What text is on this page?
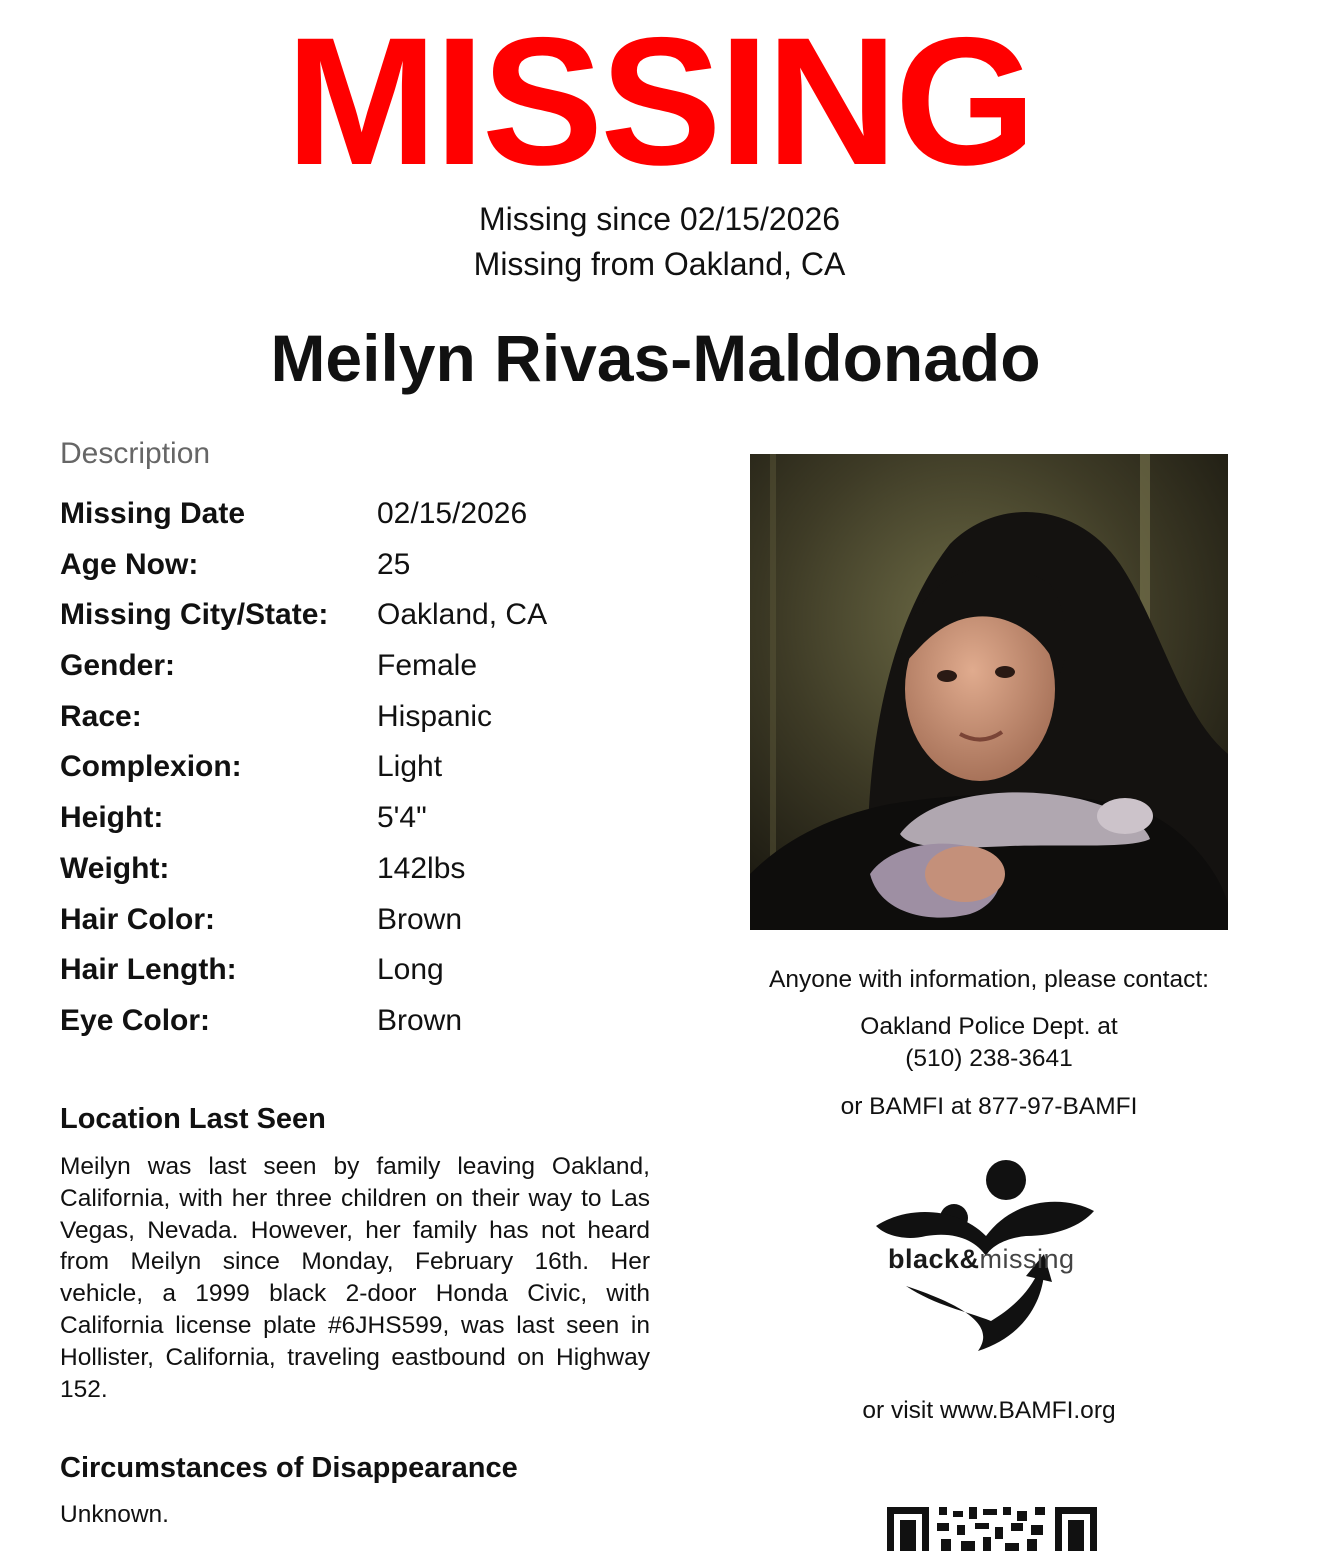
MISSING
Missing since 02/15/2026
Missing from Oakland, CA
Meilyn Rivas-Maldonado
Description
Missing Date	02/15/2026
Age Now:	25
Missing City/State: Oakland, CA
Gender:	Female
Race:	Hispanic
Complexion:	Light
Height:	5'4"
Weight:	142lbs
Hair Color:	Brown
Hair Length:	Long
Eye Color:	Brown
Location Last Seen
Meilyn was last seen by family leaving Oakland, California, with her three children on their way to Las Vegas, Nevada. However, her family has not heard from Meilyn since Monday, February 16th. Her vehicle, a 1999 black 2-door Honda Civic, with California license plate #6JHS599, was last seen in Hollister, California, traveling eastbound on Highway 152.
Circumstances of Disappearance
Unknown.
Anyone with information, please contact:
Oakland Police Dept. at
(510) 238-3641
or BAMFI at 877-97-BAMFI
black&missing
or visit www.BAMFI.org
